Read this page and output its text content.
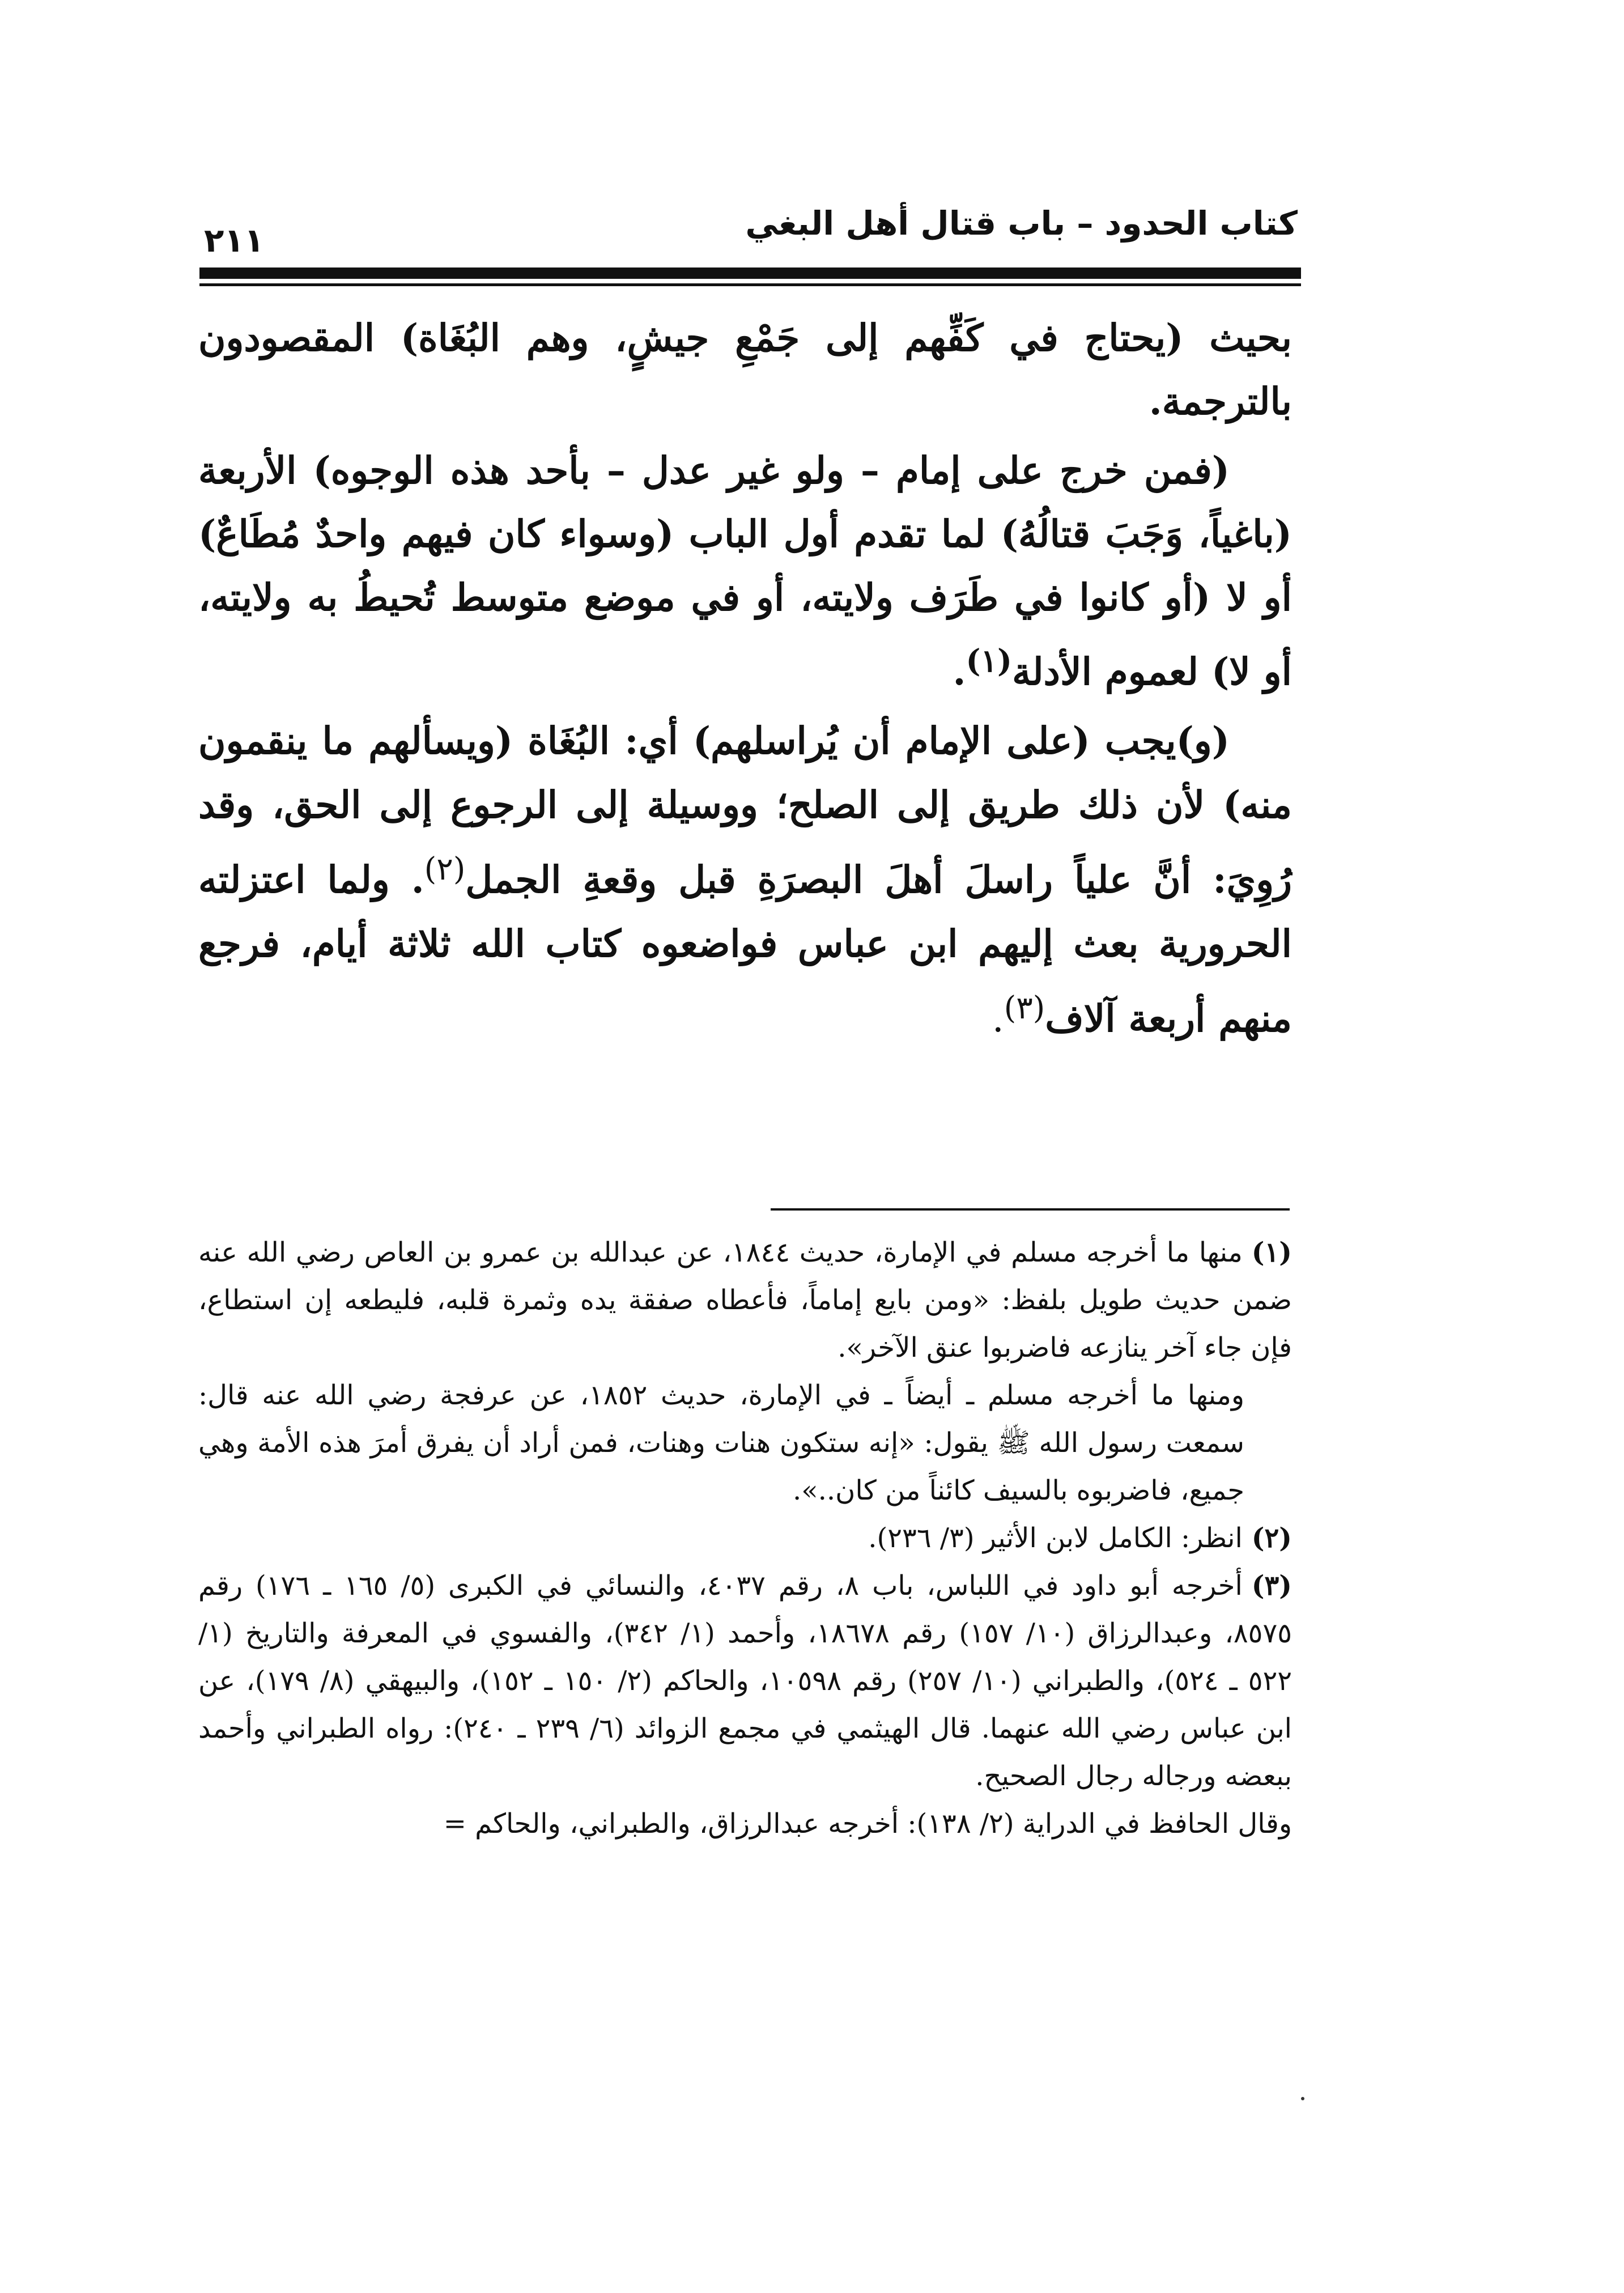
كتاب الحدود – باب قتال أهل البغي
٢١١

بحيث (يحتاج في كَفِّهم إلى جَمْعِ جيشٍ، وهم البُغَاة) المقصودون بالترجمة.

(فمن خرج على إمام – ولو غير عدل – بأحد هذه الوجوه) الأربعة (باغياً، وَجَبَ قتالُهُ) لما تقدم أول الباب (وسواء كان فيهم واحدٌ مُطَاعٌ) أو لا (أو كانوا في طَرَف ولايته، أو في موضع متوسط تُحيطُ به ولايته، أو لا) لعموم الأدلة$^{(١)}$.

(و)يجب (على الإمام أن يُراسلهم) أي: البُغَاة (ويسألهم ما ينقمون منه) لأن ذلك طريق إلى الصلح؛ ووسيلة إلى الرجوع إلى الحق، وقد رُوِيَ: أنَّ علياً راسلَ أهلَ البصرَةِ قبل وقعةِ الجمل$^{(٢)}$. ولما اعتزلته الحرورية بعث إليهم ابن عباس فواضعوه كتاب الله ثلاثة أيام، فرجع منهم أربعة آلاف$^{(٣)}$.

(١)منها ما أخرجه مسلم في الإمارة، حديث ١٨٤٤، عن عبدالله بن عمرو بن العاص رضي الله عنه ضمن حديث طويل بلفظ: «ومن بايع إماماً، فأعطاه صفقة يده وثمرة قلبه، فليطعه إن استطاع، فإن جاء آخر ينازعه فاضربوا عنق الآخر».

ومنها ما أخرجه مسلم ـ أيضاً ـ في الإمارة، حديث ١٨٥٢، عن عرفجة رضي الله عنه قال: سمعت رسول الله ﷺ يقول: «إنه ستكون هنات وهنات، فمن أراد أن يفرق أمرَ هذه الأمة وهي جميع، فاضربوه بالسيف كائناً من كان..».

(٢)انظر: الكامل لابن الأثير (٣/ ٢٣٦).

(٣)أخرجه أبو داود في اللباس، باب ٨، رقم ٤٠٣٧، والنسائي في الكبرى (٥/ ١٦٥ ـ ١٧٦) رقم ٨٥٧٥، وعبدالرزاق (١٠/ ١٥٧) رقم ١٨٦٧٨، وأحمد (١/ ٣٤٢)، والفسوي في المعرفة والتاريخ (١/ ٥٢٢ ـ ٥٢٤)، والطبراني (١٠/ ٢٥٧) رقم ١٠٥٩٨، والحاكم (٢/ ١٥٠ ـ ١٥٢)، والبيهقي (٨/ ١٧٩)، عن ابن عباس رضي الله عنهما. قال الهيثمي في مجمع الزوائد (٦/ ٢٣٩ ـ ٢٤٠): رواه الطبراني وأحمد ببعضه ورجاله رجال الصحيح.

وقال الحافظ في الدراية (٢/ ١٣٨): أخرجه عبدالرزاق، والطبراني، والحاكم =
